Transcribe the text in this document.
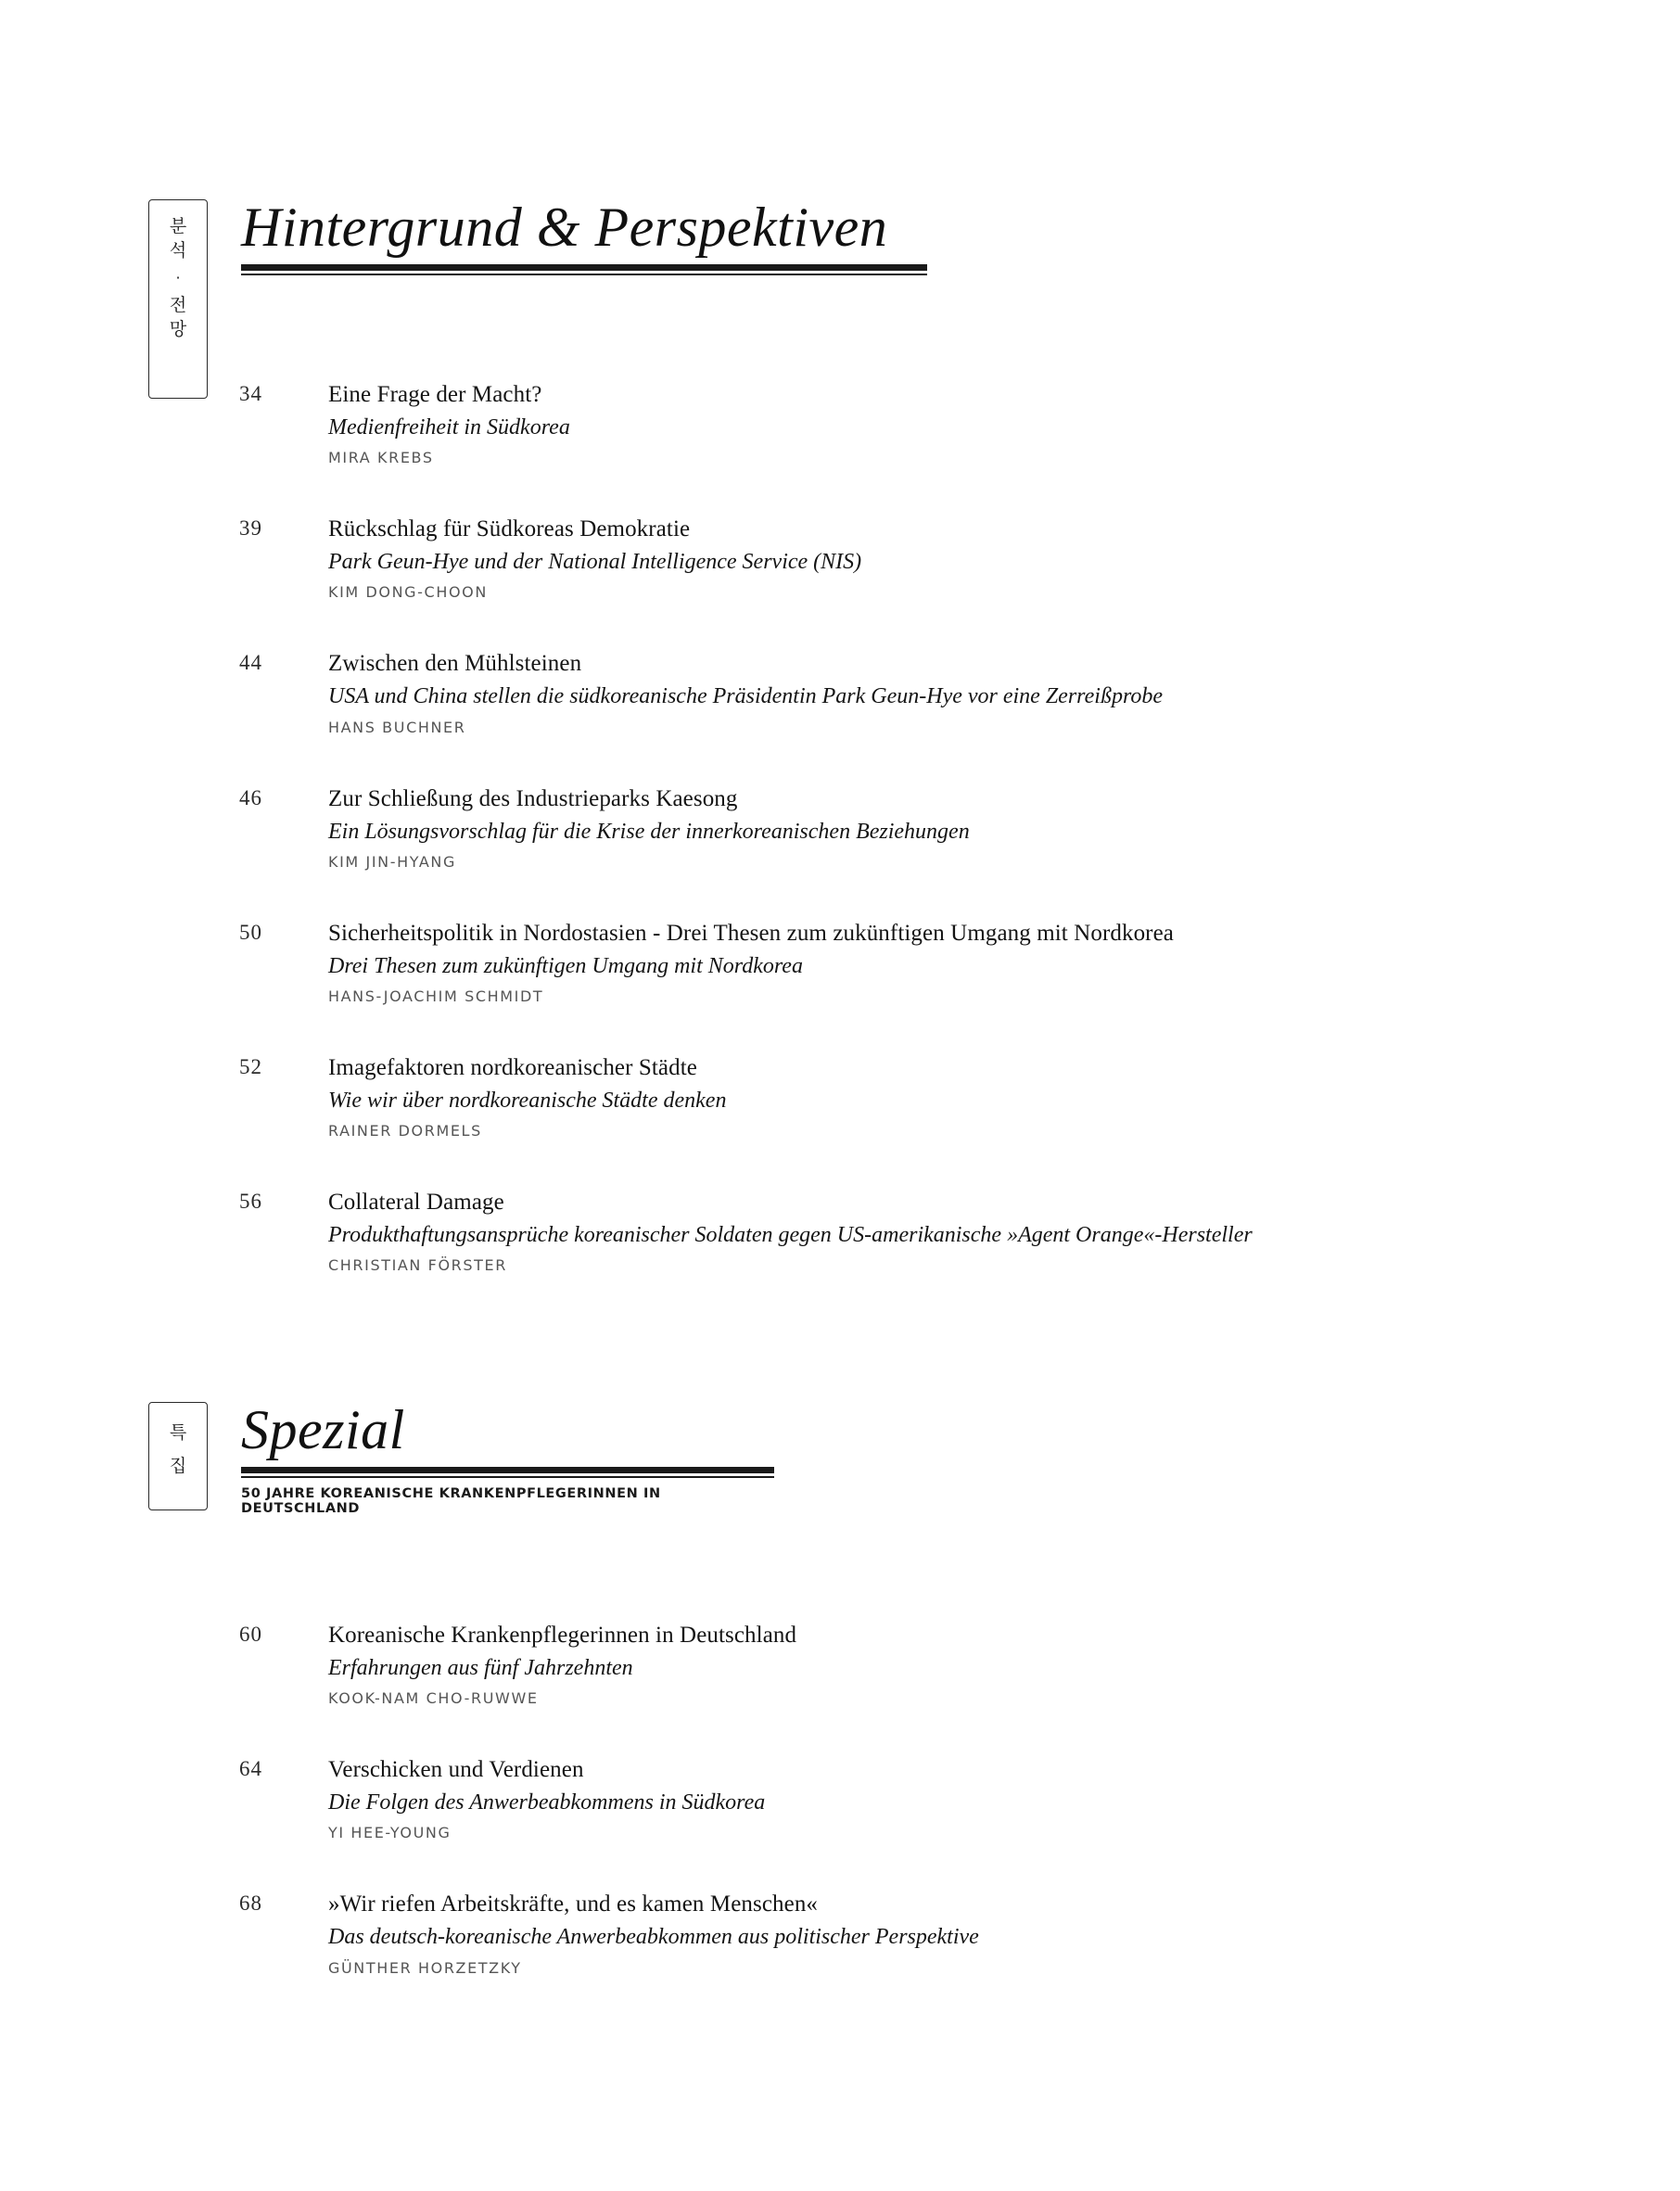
분
석
·
전
망
Hintergrund & Perspektiven
34	Eine Frage der Macht?
Medienfreiheit in Südkorea
MIRA KREBS
39	Rückschlag für Südkoreas Demokratie
Park Geun-Hye und der National Intelligence Service (NIS)
KIM DONG-CHOON
44	Zwischen den Mühlsteinen
USA und China stellen die südkoreanische Präsidentin Park Geun-Hye vor eine Zerreißprobe
HANS BUCHNER
46	Zur Schließung des Industrieparks Kaesong
Ein Lösungsvorschlag für die Krise der innerkoreanischen Beziehungen
KIM JIN-HYANG
50	Sicherheitspolitik in Nordostasien - Drei Thesen zum zukünftigen Umgang mit Nordkorea
Drei Thesen zum zukünftigen Umgang mit Nordkorea
HANS-JOACHIM SCHMIDT
52	Imagefaktoren nordkoreanischer Städte
Wie wir über nordkoreanische Städte denken
RAINER DORMELS
56	Collateral Damage
Produkthaftungsansprüche koreanischer Soldaten gegen US-amerikanische »Agent Orange«-Hersteller
CHRISTIAN FÖRSTER
특
집
Spezial
50 JAHRE KOREANISCHE KRANKENPFLEGERINNEN IN DEUTSCHLAND
60	Koreanische Krankenpflegerinnen in Deutschland
Erfahrungen aus fünf Jahrzehnten
KOOK-NAM CHO-RUWWE
64	Verschicken und Verdienen
Die Folgen des Anwerbeabkommens in Südkorea
YI HEE-YOUNG
68	»Wir riefen Arbeitskräfte, und es kamen Menschen«
Das deutsch-koreanische Anwerbeabkommen aus politischer Perspektive
GÜNTHER HORZETZKY
